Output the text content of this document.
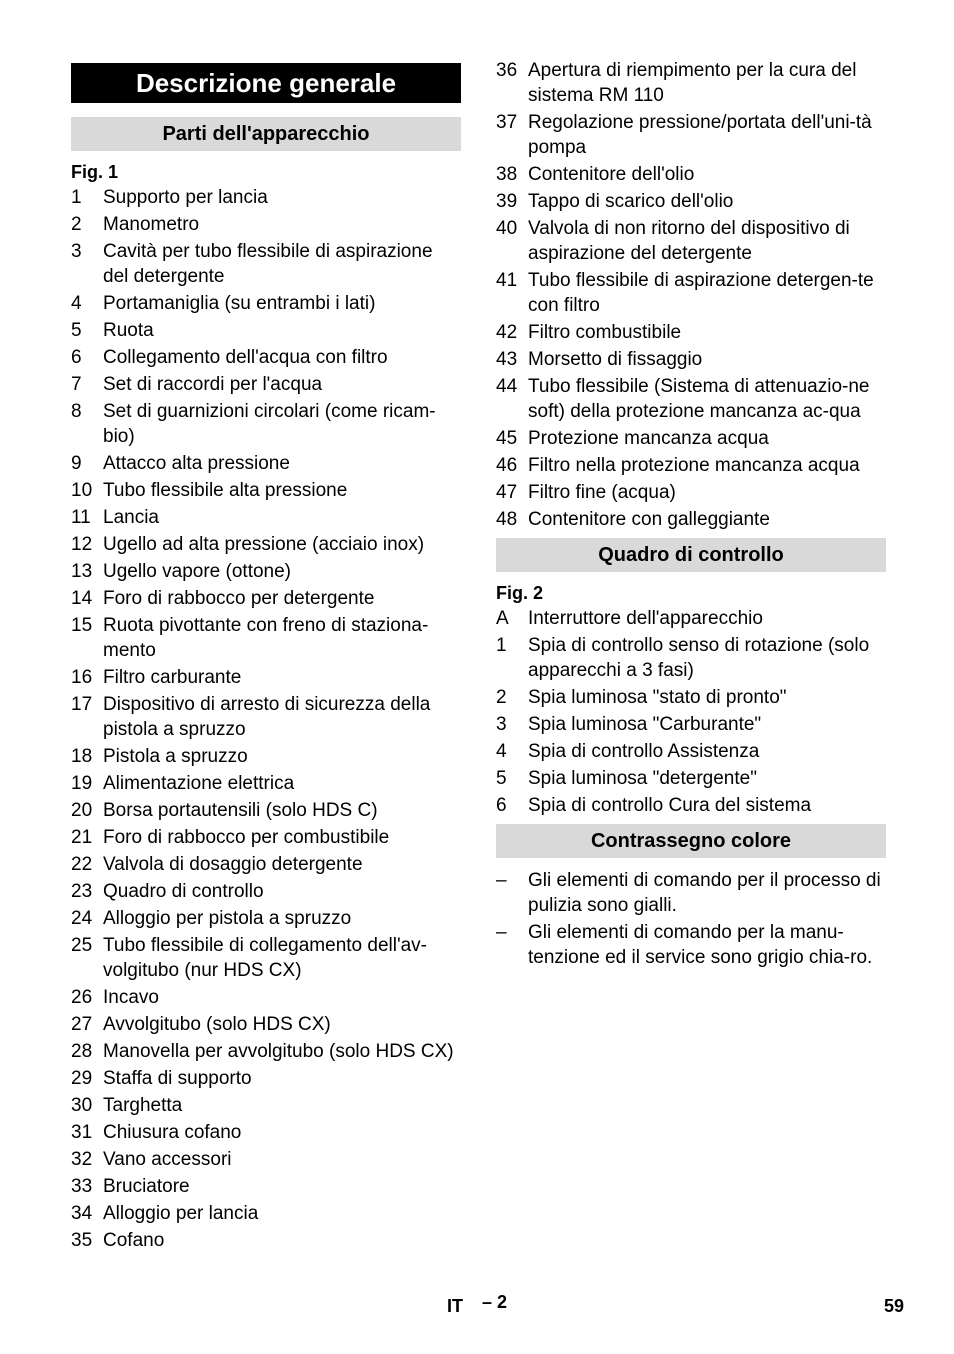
Descrizione generale
Parti dell'apparecchio
Fig. 1
1	Supporto per lancia
2	Manometro
3	Cavità per tubo flessibile di aspirazione del detergente
4	Portamaniglia (su entrambi i lati)
5	Ruota
6	Collegamento dell'acqua con filtro
7	Set di raccordi per l'acqua
8	Set di guarnizioni circolari (come ricam-bio)
9	Attacco alta pressione
10 Tubo flessibile alta pressione
11 Lancia
12 Ugello ad alta pressione (acciaio inox)
13 Ugello vapore (ottone)
14 Foro di rabbocco per detergente
15 Ruota pivottante con freno di staziona-mento
16 Filtro carburante
17 Dispositivo di arresto di sicurezza della pistola a spruzzo
18 Pistola a spruzzo
19 Alimentazione elettrica
20 Borsa portautensili (solo HDS C)
21 Foro di rabbocco per combustibile
22 Valvola di dosaggio detergente
23 Quadro di controllo
24 Alloggio per pistola a spruzzo
25 Tubo flessibile di collegamento dell'av-volgitubo (nur HDS CX)
26 Incavo
27 Avvolgitubo (solo HDS CX)
28 Manovella per avvolgitubo (solo HDS CX)
29 Staffa di supporto
30 Targhetta
31 Chiusura cofano
32 Vano accessori
33 Bruciatore
34 Alloggio per lancia
35 Cofano
36 Apertura di riempimento per la cura del sistema RM 110
37 Regolazione pressione/portata dell'uni-tà pompa
38 Contenitore dell'olio
39 Tappo di scarico dell'olio
40 Valvola di non ritorno del dispositivo di aspirazione del detergente
41 Tubo flessibile di aspirazione detergen-te con filtro
42 Filtro combustibile
43 Morsetto di fissaggio
44 Tubo flessibile (Sistema di attenuazio-ne soft) della protezione mancanza ac-qua
45 Protezione mancanza acqua
46 Filtro nella protezione mancanza acqua
47 Filtro fine (acqua)
48 Contenitore con galleggiante
Quadro di controllo
Fig. 2
A	Interruttore dell'apparecchio
1	Spia di controllo senso di rotazione (solo apparecchi a 3 fasi)
2	Spia luminosa "stato di pronto"
3	Spia luminosa "Carburante"
4	Spia di controllo Assistenza
5	Spia luminosa "detergente"
6	Spia di controllo Cura del sistema
Contrassegno colore
–	Gli elementi di comando per il processo di pulizia sono gialli.
–	Gli elementi di comando per la manu-tenzione ed il service sono grigio chia-ro.
IT – 2	59
